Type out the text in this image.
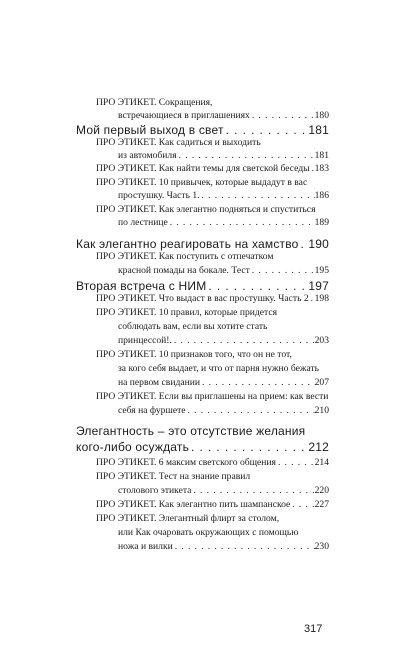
ПРО ЭТИКЕТ. Сокращения,
встречающиеся в приглашениях . . .	180
Мой первый выход в свет . . .	181
ПРО ЭТИКЕТ. Как садиться и выходить
из автомобиля . . .	181
ПРО ЭТИКЕТ. Как найти темы для светской беседы . . . 183
ПРО ЭТИКЕТ. 10 привычек, которые выдадут в вас
простушку. Часть 1. . . .	186
ПРО ЭТИКЕТ. Как элегантно подняться и спуститься
по лестнице . . .	189
Как элегантно реагировать на хамство . . . 190
ПРО ЭТИКЕТ. Как поступить с отпечатком
красной помады на бокале. Тест . . .	195
Вторая встреча с НИМ . . .	197
ПРО ЭТИКЕТ. Что выдаст в вас простушку. Часть 2 . . . 198
ПРО ЭТИКЕТ. 10 правил, которые придется
соблюдать вам, если вы хотите стать
принцессой!. . . .	203
ПРО ЭТИКЕТ. 10 признаков того, что он не тот,
за кого себя выдает, и что от парня нужно бежать
на первом свидании . . .	207
ПРО ЭТИКЕТ. Если вы приглашены на прием: как вести
себя на фуршете . . .	210
Элегантность – это отсутствие желания
кого-либо осуждать . . .	212
ПРО ЭТИКЕТ. 6 максим светского общения . . .	214
ПРО ЭТИКЕТ. Тест на знание правил
столового этикета . . .	220
ПРО ЭТИКЕТ. Как элегантно пить шампанское . . .	227
ПРО ЭТИКЕТ. Элегантный флирт за столом,
или Как очаровать окружающих с помощью
ножа и вилки . . .	230
317
